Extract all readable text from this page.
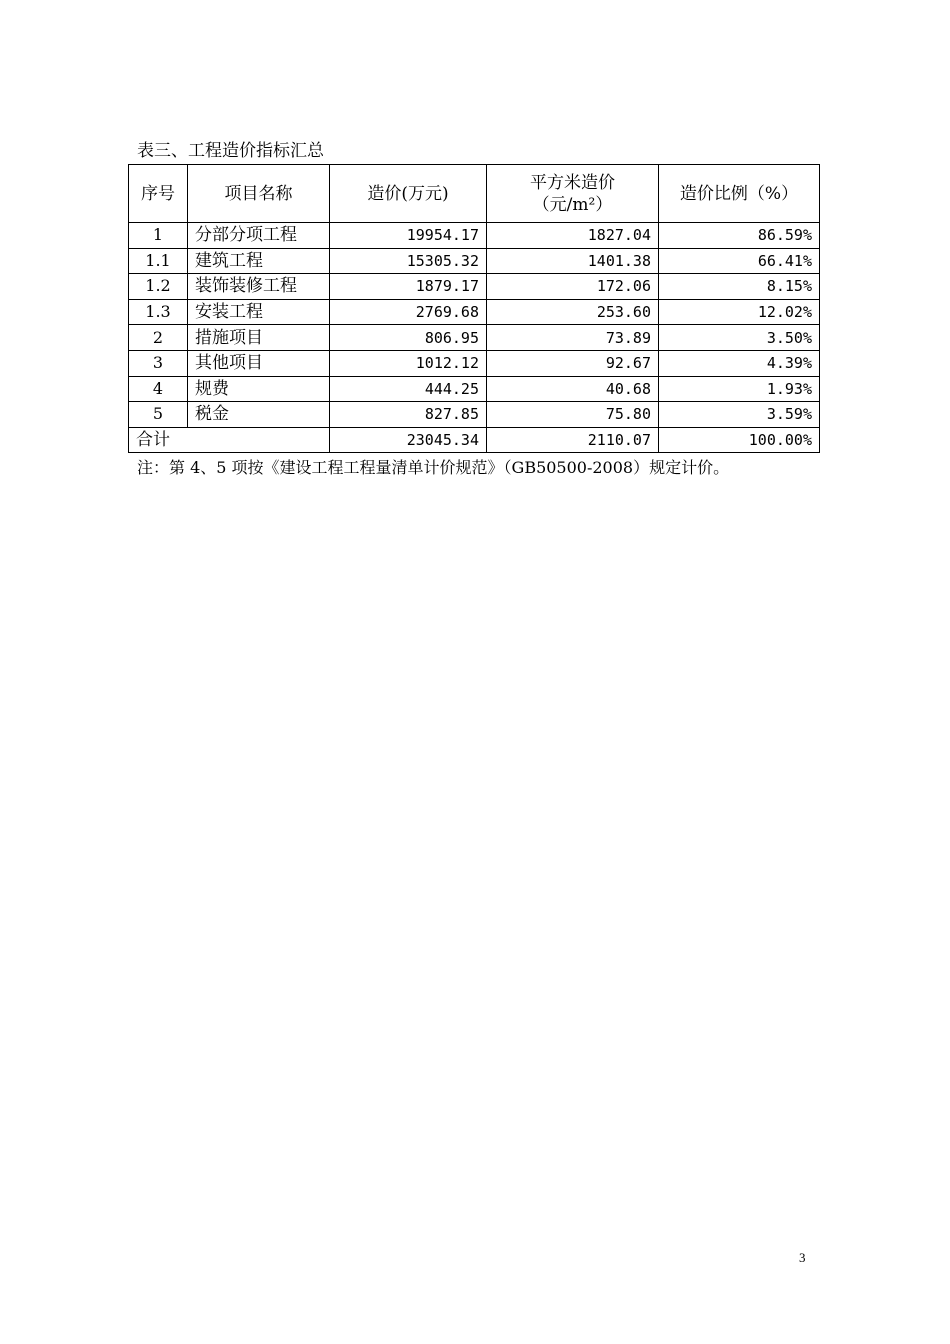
表三、工程造价指标汇总
序号	项目名称	造价(万元)	平方米造价
（元/m²）	造价比例（%）
1	分部分项工程	19954.17	1827.04	86.59%
1.1	建筑工程	15305.32	1401.38	66.41%
1.2	装饰装修工程	1879.17	172.06	8.15%
1.3	安装工程	2769.68	253.60	12.02%
2	措施项目	806.95	73.89	3.50%
3	其他项目	1012.12	92.67	4.39%
4	规费	444.25	40.68	1.93%
5	税金	827.85	75.80	3.59%
合计		23045.34	2110.07	100.00%
注：第 4、5 项按《建设工程工程量清单计价规范》（GB50500-2008）规定计价。
3
